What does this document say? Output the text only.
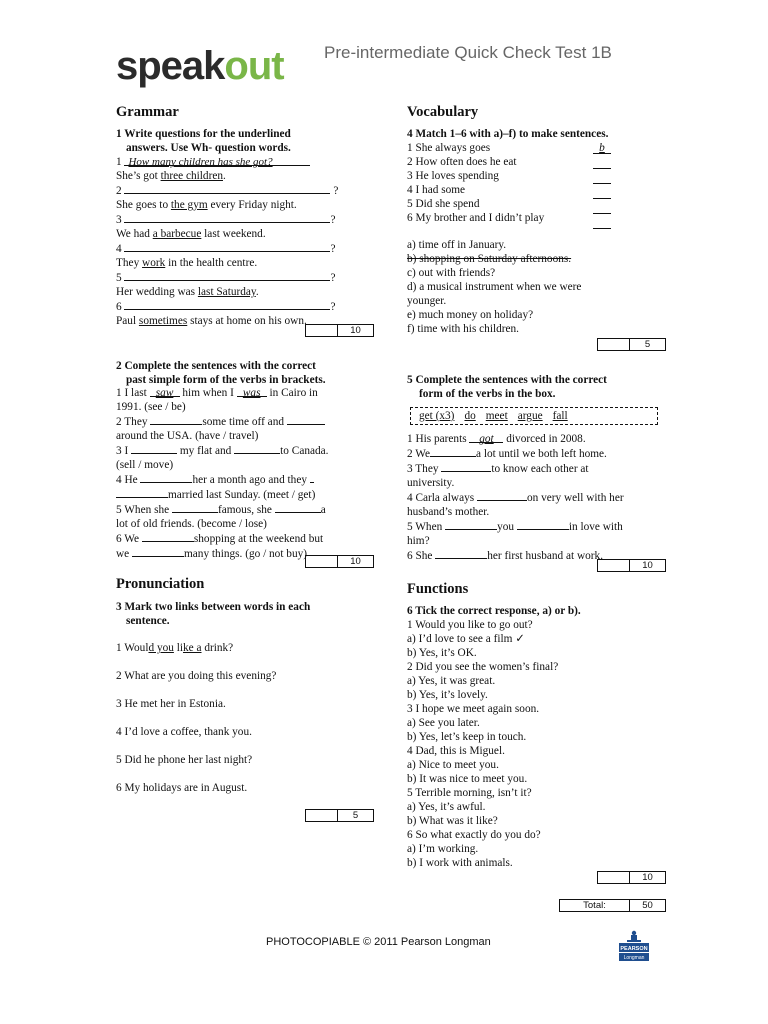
speakout Pre-intermediate Quick Check Test 1B
Grammar
1 Write questions for the underlined
answers. Use Wh- question words.
1 How many children has she got?
She’s got three children.
2	?
She goes to the gym every Friday night.
3	?
We had a barbecue last weekend.
4	?
They work in the health centre.
5	?
Her wedding was last Saturday.
6	?
Paul sometimes stays at home on his own.
10
2 Complete the sentences with the correct
past simple form of the verbs in brackets.
1 I last saw him when I was in Cairo in
1991. (see / be)
2 They	some time off and
around the USA. (have / travel)
3 I	my flat and	to Canada.
(sell / move)
4 He	her a month ago and they
married last Sunday. (meet / get)
5 When she	famous, she	a
lot of old friends. (become / lose)
6 We	shopping at the weekend but
we	many things. (go / not buy)
10
Pronunciation
3 Mark two links between words in each
sentence.
1 Would you like a drink?
2 What are you doing this evening?
3 He met her in Estonia.
4 I’d love a coffee, thank you.
5 Did he phone her last night?
6 My holidays are in August.
5
Vocabulary
4 Match 1–6 with a)–f) to make sentences.
1 She always goes
2 How often does he eat
3 He loves spending
4 I had some
5 Did she spend
6 My brother and I didn’t play
b
a) time off in January.
b) shopping on Saturday afternoons.
c) out with friends?
d) a musical instrument when we were
younger.
e) much money on holiday?
f) time with his children.
5
5 Complete the sentences with the correct
form of the verbs in the box.
get (x3) do meet argue fall
1 His parents got divorced in 2008.
2 We	a lot until we both left home.
3 They	to know each other at
university.
4 Carla always	on very well with her
husband’s mother.
5 When	you	in love with
him?
6 She	her first husband at work.
10
Functions
6 Tick the correct response, a) or b).
1 Would you like to go out?
a) I’d love to see a film ✓
b) Yes, it’s OK.
2 Did you see the women’s final?
a) Yes, it was great.
b) Yes, it’s lovely.
3 I hope we meet again soon.
a) See you later.
b) Yes, let’s keep in touch.
4 Dad, this is Miguel.
a) Nice to meet you.
b) It was nice to meet you.
5 Terrible morning, isn’t it?
a) Yes, it’s awful.
b) What was it like?
6 So what exactly do you do?
a) I’m working.
b) I work with animals.
10
Total:	50
PHOTOCOPIABLE © 2011 Pearson Longman
PEARSON
Longman
